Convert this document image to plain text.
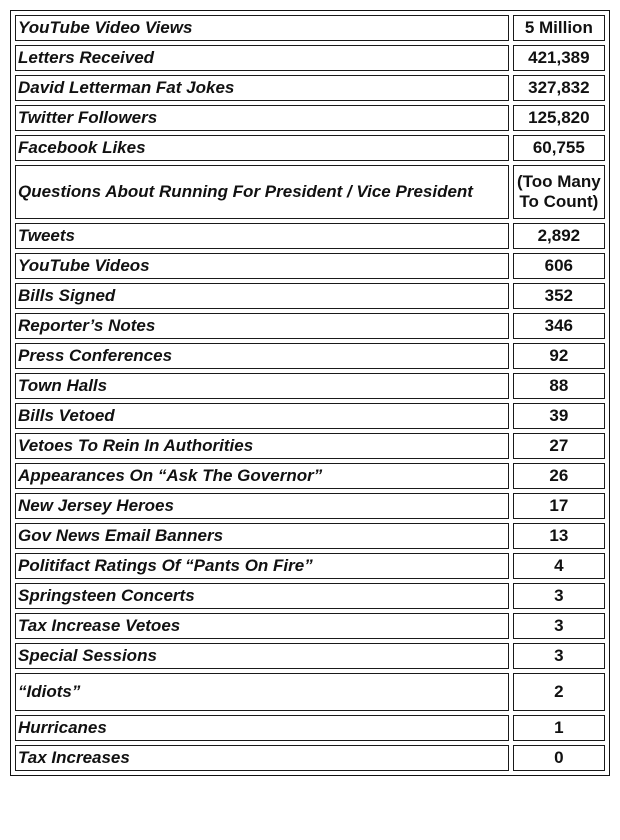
YouTube Video Views	5 Million
Letters Received	421,389
David Letterman Fat Jokes	327,832
Twitter Followers	125,820
Facebook Likes	60,755
Questions About Running For President / Vice President	(Too Many To Count)
Tweets	2,892
YouTube Videos	606
Bills Signed	352
Reporter’s Notes	346
Press Conferences	92
Town Halls	88
Bills Vetoed	39
Vetoes To Rein In Authorities	27
Appearances On “Ask The Governor”	26
New Jersey Heroes	17
Gov News Email Banners	13
Politifact Ratings Of “Pants On Fire”	4
Springsteen Concerts	3
Tax Increase Vetoes	3
Special Sessions	3
“Idiots”	2
Hurricanes	1
Tax Increases	0
